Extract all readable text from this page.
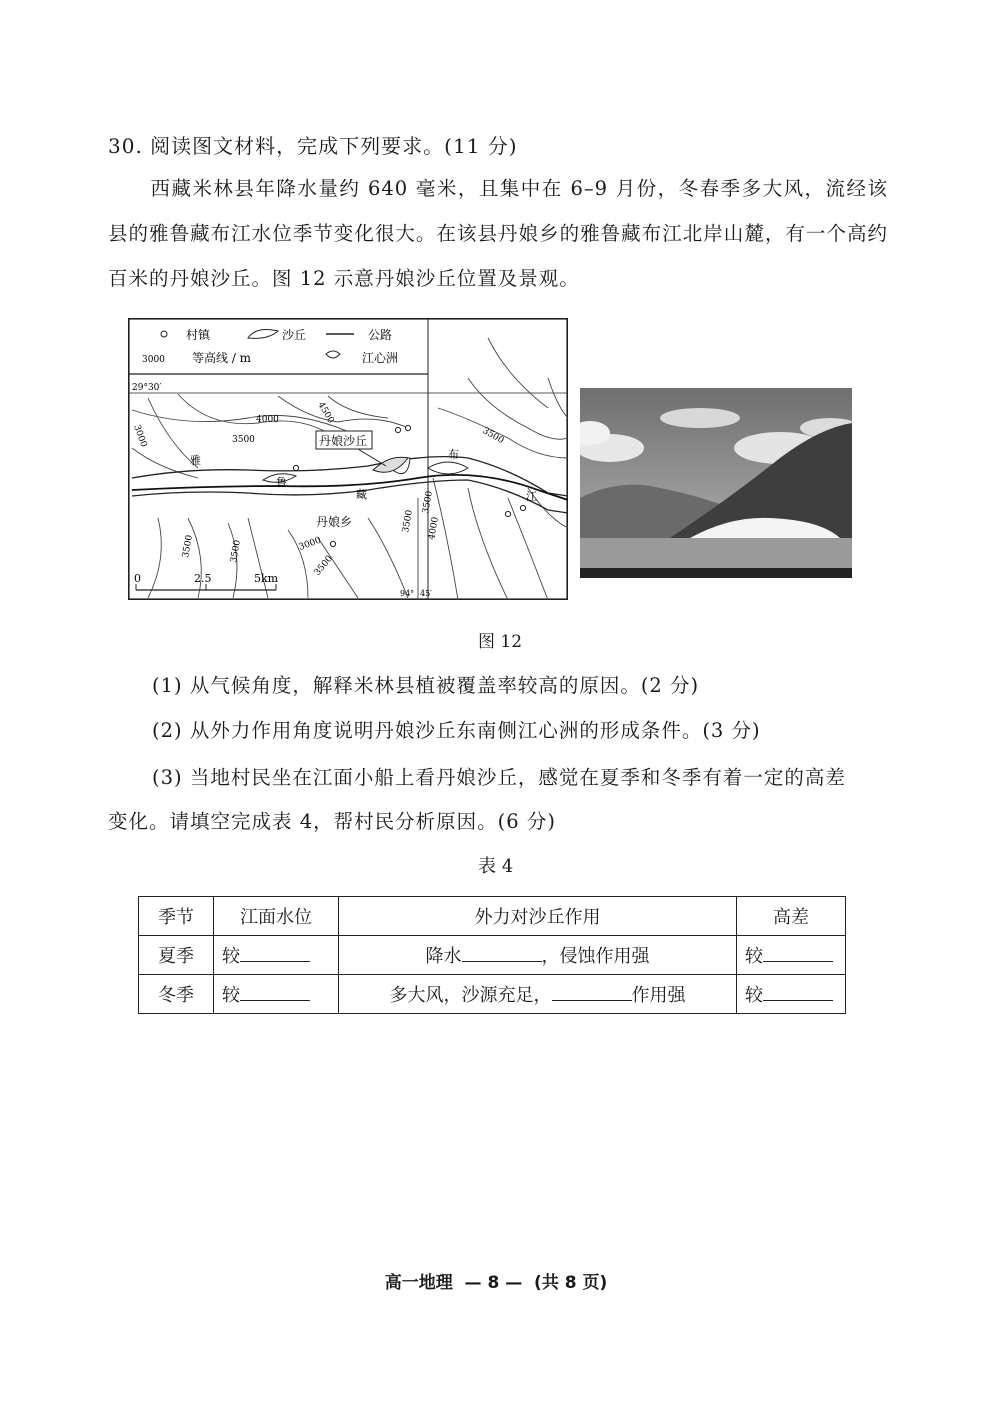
30. 阅读图文材料，完成下列要求。(11 分)
西藏米林县年降水量约 640 毫米，且集中在 6–9 月份，冬春季多大风，流经该县的雅鲁藏布江水位季节变化很大。在该县丹娘乡的雅鲁藏布江北岸山麓，有一个高约百米的丹娘沙丘。图 12 示意丹娘沙丘位置及景观。
村镇	沙丘	公路
3000 等高线 / m	江心洲
29°30′
丹娘沙丘
丹娘乡
雅
鲁
藏
布
江
3000
4000	4500
3500	3500
3500	3500
4000
3500
3000
3500
3500
0	2.5	5km
94° 45′
图 12
(1) 从气候角度，解释米林县植被覆盖率较高的原因。(2 分)
(2) 从外力作用角度说明丹娘沙丘东南侧江心洲的形成条件。(3 分)
(3) 当地村民坐在江面小船上看丹娘沙丘，感觉在夏季和冬季有着一定的高差
变化。请填空完成表 4，帮村民分析原因。(6 分)
表 4
季节	江面水位	外力对沙丘作用	高差
夏季	较	降水 ，侵蚀作用强	较
冬季	较	多大风，沙源充足， 作用强	较
高一地理  — 8 —  (共 8 页)
